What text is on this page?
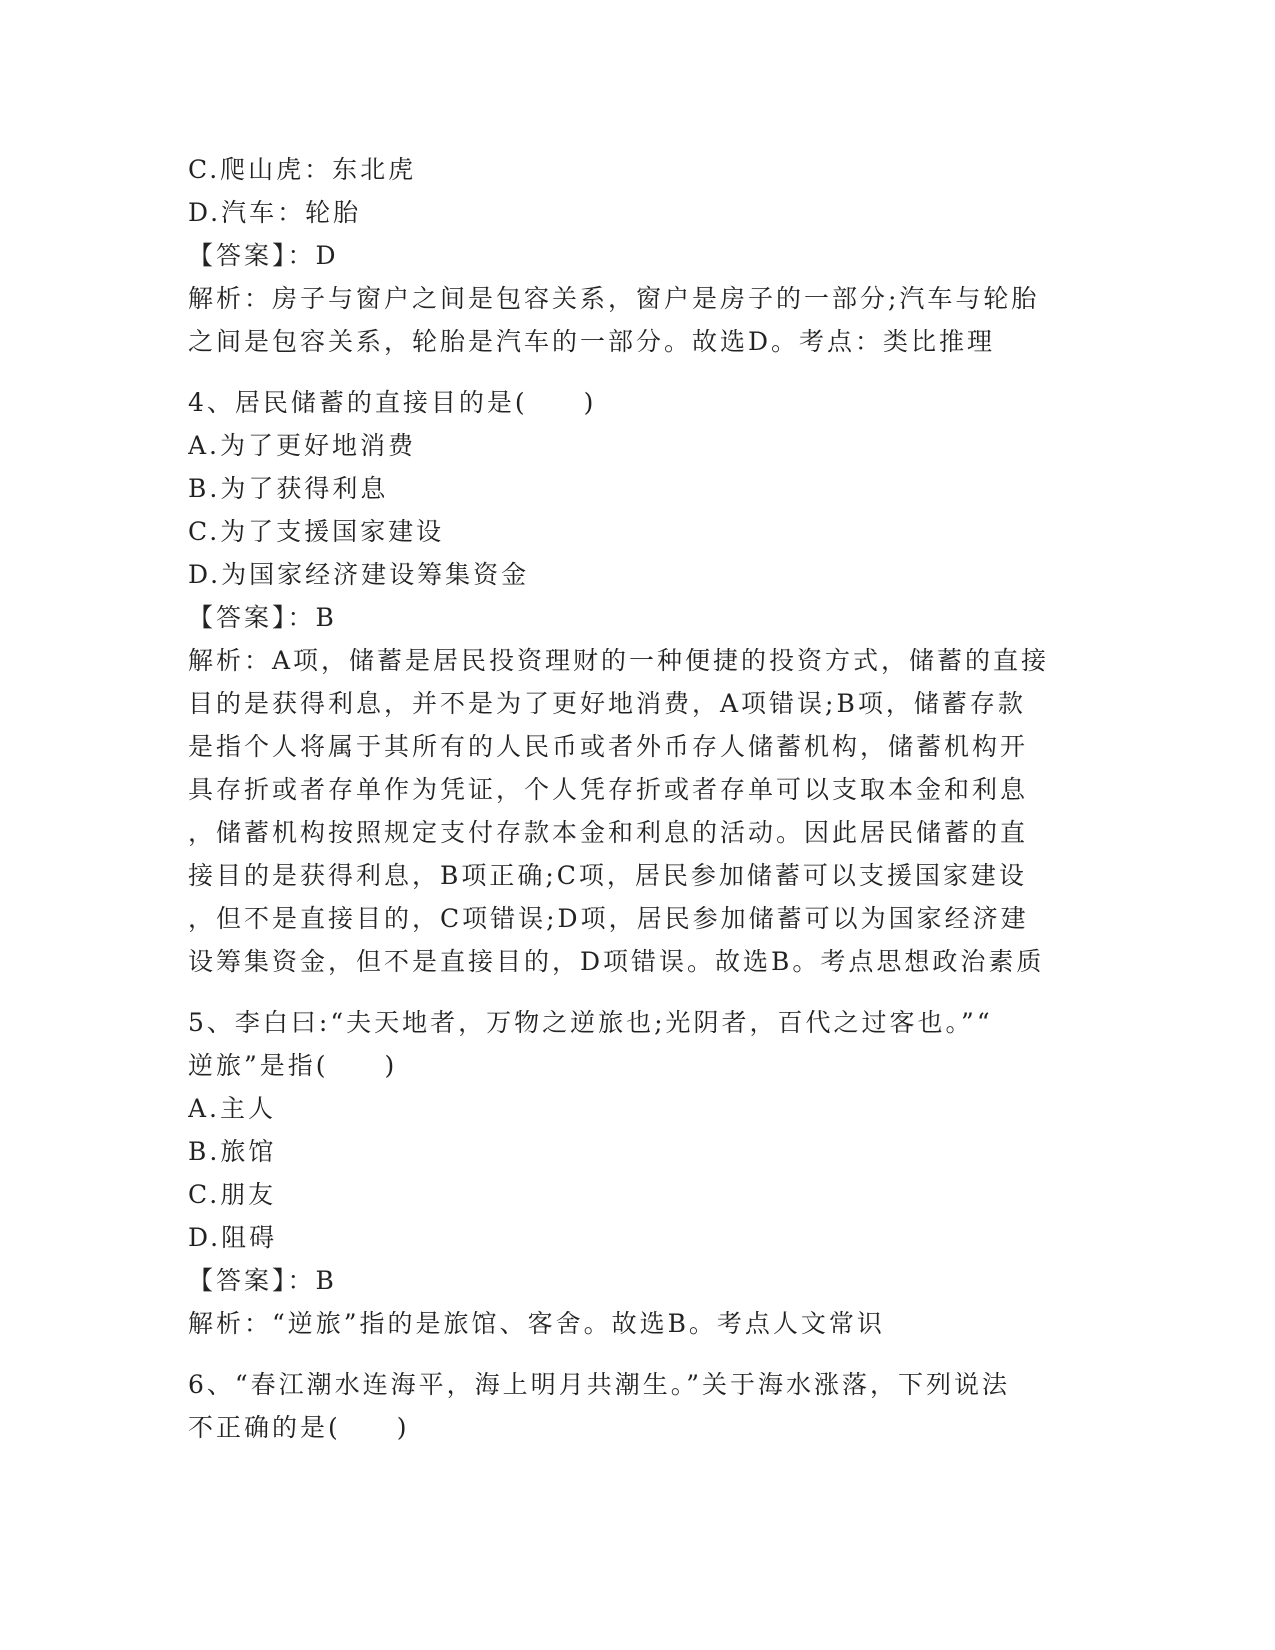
C.爬山虎：东北虎
D.汽车：轮胎
【答案】：D
解析：房子与窗户之间是包容关系，窗户是房子的一部分;汽车与轮胎
之间是包容关系，轮胎是汽车的一部分。故选D。考点：类比推理
4、居民储蓄的直接目的是(　　)
A.为了更好地消费
B.为了获得利息
C.为了支援国家建设
D.为国家经济建设筹集资金
【答案】：B
解析：A项，储蓄是居民投资理财的一种便捷的投资方式，储蓄的直接
目的是获得利息，并不是为了更好地消费，A项错误;B项，储蓄存款
是指个人将属于其所有的人民币或者外币存人储蓄机构，储蓄机构开
具存折或者存单作为凭证，个人凭存折或者存单可以支取本金和利息
，储蓄机构按照规定支付存款本金和利息的活动。因此居民储蓄的直
接目的是获得利息，B项正确;C项，居民参加储蓄可以支援国家建设
，但不是直接目的，C项错误;D项，居民参加储蓄可以为国家经济建
设筹集资金，但不是直接目的，D项错误。故选B。考点思想政治素质
5、李白曰:“夫天地者，万物之逆旅也;光阴者，百代之过客也。”“
逆旅”是指(　　)
A.主人
B.旅馆
C.朋友
D.阻碍
【答案】：B
解析：“逆旅”指的是旅馆、客舍。故选B。考点人文常识
6、“春江潮水连海平，海上明月共潮生。”关于海水涨落，下列说法
不正确的是(　　)
